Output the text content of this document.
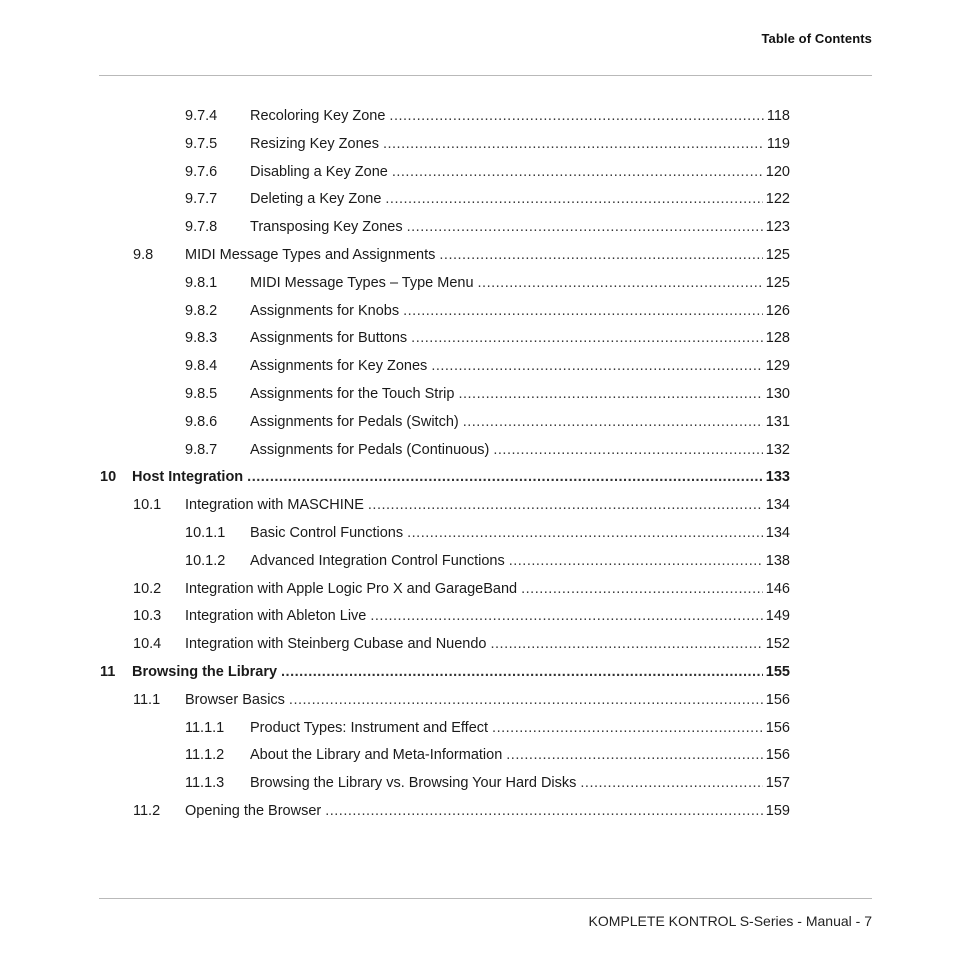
Table of Contents
9.7.4 Recoloring Key Zone .....	118
9.7.5 Resizing Key Zones .....	119
9.7.6 Disabling a Key Zone .....	120
9.7.7 Deleting a Key Zone .....	122
9.7.8 Transposing Key Zones .....	123
9.8 MIDI Message Types and Assignments .....	125
9.8.1 MIDI Message Types – Type Menu .....	125
9.8.2 Assignments for Knobs .....	126
9.8.3 Assignments for Buttons .....	128
9.8.4 Assignments for Key Zones .....	129
9.8.5 Assignments for the Touch Strip .....	130
9.8.6 Assignments for Pedals (Switch) .....	131
9.8.7 Assignments for Pedals (Continuous) .....	132
10 Host Integration .....	133
10.1 Integration with MASCHINE .....	134
10.1.1 Basic Control Functions .....	134
10.1.2 Advanced Integration Control Functions .....	138
10.2 Integration with Apple Logic Pro X and GarageBand .....	146
10.3 Integration with Ableton Live .....	149
10.4 Integration with Steinberg Cubase and Nuendo .....	152
11 Browsing the Library .....	155
11.1 Browser Basics .....	156
11.1.1 Product Types: Instrument and Effect .....	156
11.1.2 About the Library and Meta-Information .....	156
11.1.3 Browsing the Library vs. Browsing Your Hard Disks .....	157
11.2 Opening the Browser .....	159
KOMPLETE KONTROL S-Series - Manual - 7
